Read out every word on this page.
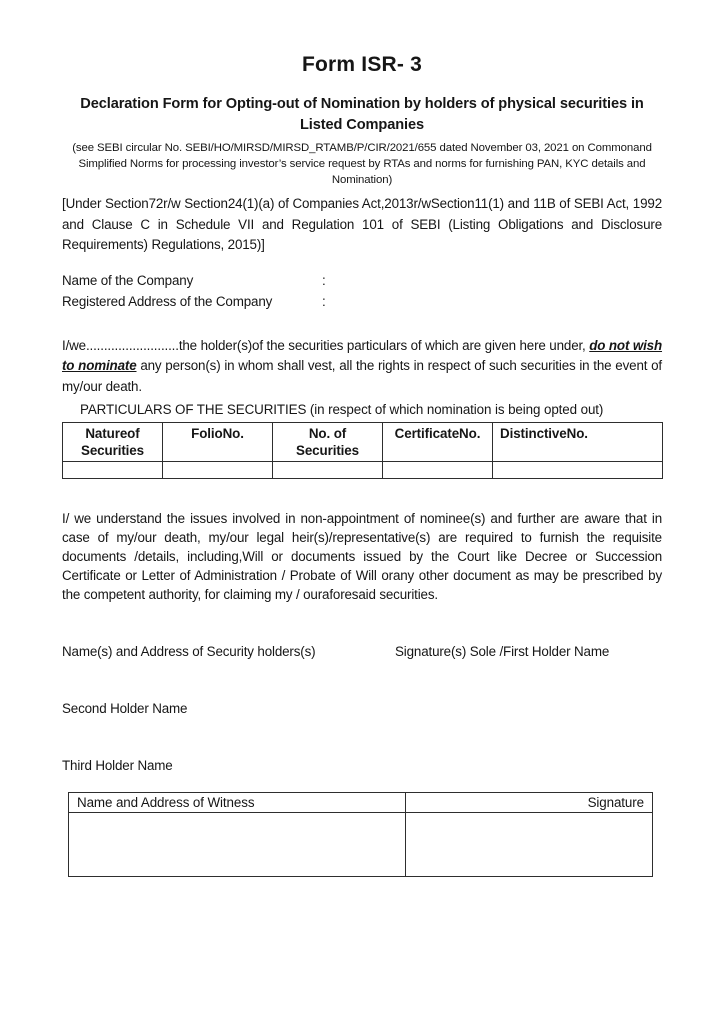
Form ISR- 3
Declaration Form for Opting-out of Nomination by holders of physical securities in Listed Companies
(see SEBI circular No. SEBI/HO/MIRSD/MIRSD_RTAMB/P/CIR/2021/655 dated November 03, 2021 on Commonand Simplified Norms for processing investor’s service request by RTAs and norms for furnishing PAN, KYC details and Nomination)

[Under Section72r/w Section24(1)(a) of Companies Act,2013r/wSection11(1) and 11B of SEBI Act, 1992 and Clause C in Schedule VII and Regulation 101 of SEBI (Listing Obligations and Disclosure Requirements) Regulations, 2015)]

Name of the Company	:
Registered Address of the Company	:

I/we..........................the holder(s)of the securities particulars of which are given here under, do not wish to nominate any person(s) in whom shall vest, all the rights in respect of such securities in the event of my/our death.

PARTICULARS OF THE SECURITIES (in respect of which nomination is being opted out)
Natureof Securities	FolioNo.	No. of Securities	CertificateNo.	DistinctiveNo.

I/ we understand the issues involved in non-appointment of nominee(s) and further are aware that in case of my/our death, my/our legal heir(s)/representative(s) are required to furnish the requisite documents /details, including,Will or documents issued by the Court like Decree or Succession Certificate or Letter of Administration / Probate of Will orany other document as may be prescribed by the competent authority, for claiming my / ouraforesaid securities.

Name(s) and Address of Security holders(s)	Signature(s) Sole /First Holder Name
Second Holder Name
Third Holder Name
Name and Address of Witness	Signature
